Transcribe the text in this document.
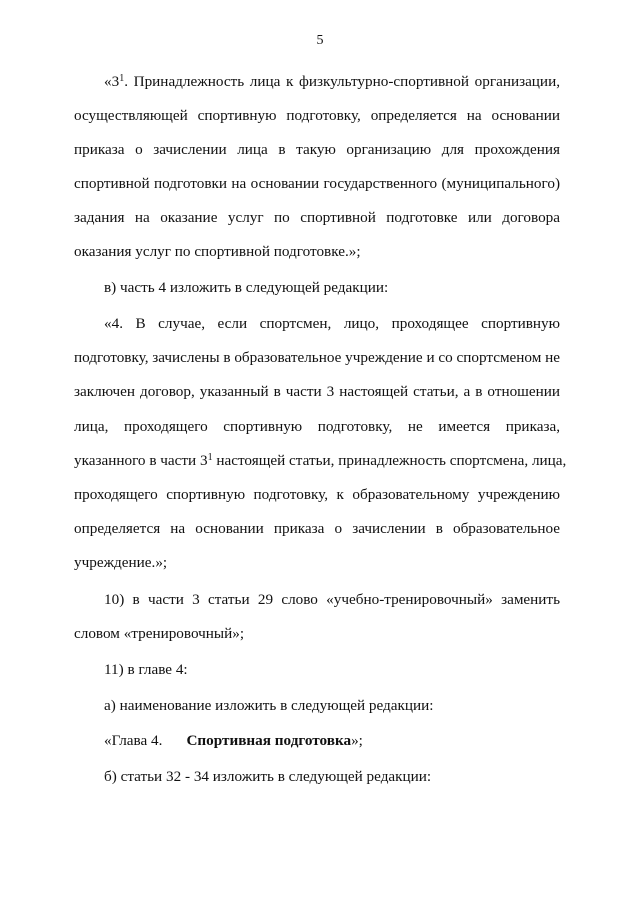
5
«$3^1$. Принадлежность лица к физкультурно-спортивной организации,
осуществляющей спортивную подготовку, определяется на основании
приказа о зачислении лица в такую организацию для прохождения
спортивной подготовки на основании государственного (муниципального)
задания на оказание услуг по спортивной подготовке или договора
оказания услуг по спортивной подготовке.»;
в) часть 4 изложить в следующей редакции:
«4. В случае, если спортсмен, лицо, проходящее спортивную
подготовку, зачислены в образовательное учреждение и со спортсменом не
заключен договор, указанный в части 3 настоящей статьи, а в отношении
лица, проходящего спортивную подготовку, не имеется приказа,
указанного в части $3^1$ настоящей статьи, принадлежность спортсмена, лица,
проходящего спортивную подготовку, к образовательному учреждению
определяется на основании приказа о зачислении в образовательное
учреждение.»;
10) в части 3 статьи 29 слово «учебно-тренировочный» заменить
словом «тренировочный»;
11) в главе 4:
а) наименование изложить в следующей редакции:
«Глава 4. Спортивная подготовка»;
б) статьи 32 - 34 изложить в следующей редакции:
